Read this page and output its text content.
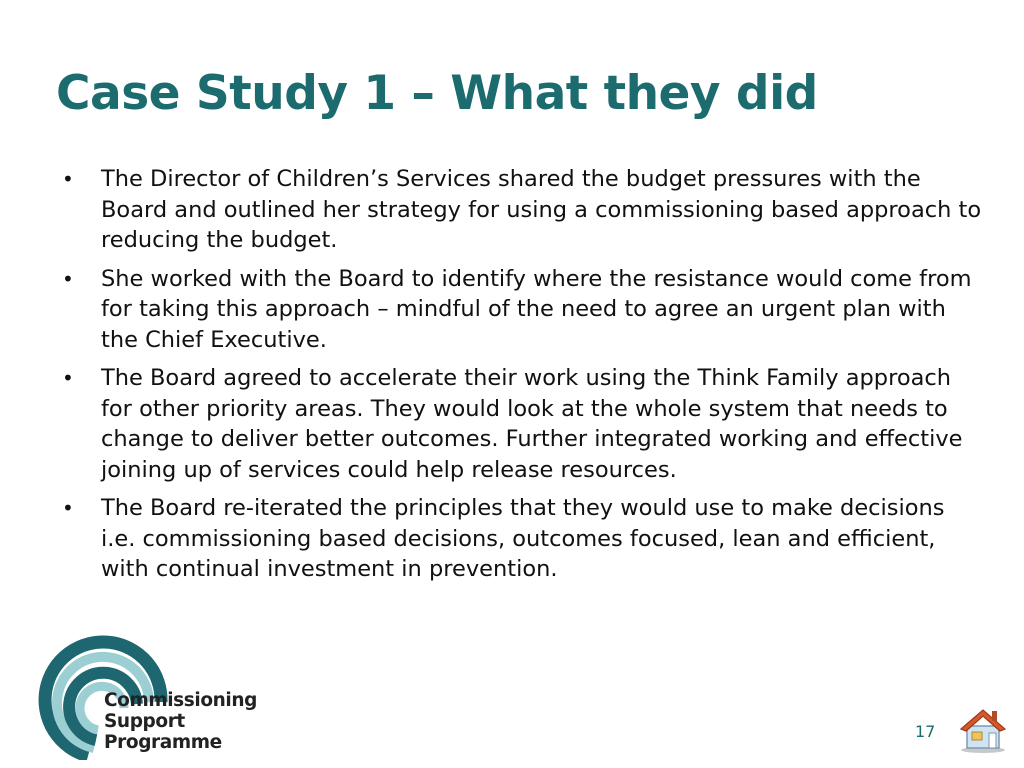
Case Study 1 – What they did
• The Director of Children’s Services shared the budget pressures with the Board and outlined her strategy for using a commissioning based approach to reducing the budget.
• She worked with the Board to identify where the resistance would come from for taking this approach – mindful of the need to agree an urgent plan with the Chief Executive.
• The Board agreed to accelerate their work using the Think Family approach for other priority areas. They would look at the whole system that needs to change to deliver better outcomes. Further integrated working and effective joining up of services could help release resources.
• The Board re-iterated the principles that they would use to make decisions i.e. commissioning based decisions, outcomes focused, lean and efficient, with continual investment in prevention.
Commissioning
Support
Programme
17
